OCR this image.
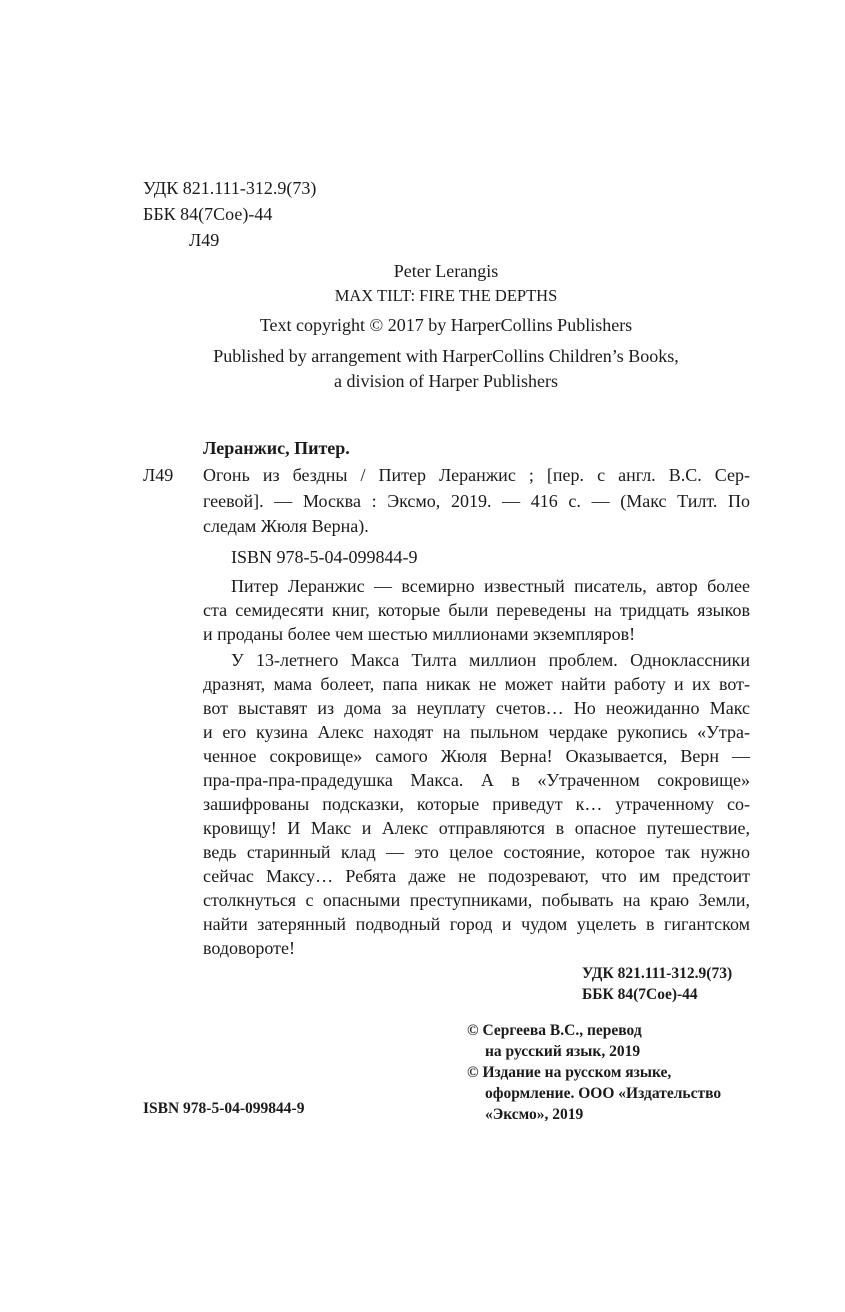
УДК 821.111-312.9(73)
ББК 84(7Сое)-44
Л49
Peter Lerangis
MAX TILT: FIRE THE DEPTHS
Text copyright © 2017 by HarperCollins Publishers
Published by arrangement with HarperCollins Children’s Books,
a division of Harper Publishers
Леранжис, Питер.
Л49 Огонь из бездны / Питер Леранжис ; [пер. с англ. В.С. Сер-
геевой]. — Москва : Эксмо, 2019. — 416 с. — (Макс Тилт. По
следам Жюля Верна).
ISBN 978-5-04-099844-9
Питер Леранжис — всемирно известный писатель, автор более
ста семидесяти книг, которые были переведены на тридцать языков
и проданы более чем шестью миллионами экземпляров!
У 13-летнего Макса Тилта миллион проблем. Одноклассники
дразнят, мама болеет, папа никак не может найти работу и их вот-
вот выставят из дома за неуплату счетов… Но неожиданно Макс
и его кузина Алекс находят на пыльном чердаке рукопись «Утра-
ченное сокровище» самого Жюля Верна! Оказывается, Верн —
пра-пра-пра-прадедушка Макса. А в «Утраченном сокровище»
зашифрованы подсказки, которые приведут к… утраченному со-
кровищу! И Макс и Алекс отправляются в опасное путешествие,
ведь старинный клад — это целое состояние, которое так нужно
сейчас Максу… Ребята даже не подозревают, что им предстоит
столкнуться с опасными преступниками, побывать на краю Земли,
найти затерянный подводный город и чудом уцелеть в гигантском
водовороте!
УДК 821.111-312.9(73)
ББК 84(7Сое)-44
© Сергеева В.С., перевод
на русский язык, 2019
© Издание на русском языке,
оформление. ООО «Издательство
«Эксмо», 2019
ISBN 978-5-04-099844-9
